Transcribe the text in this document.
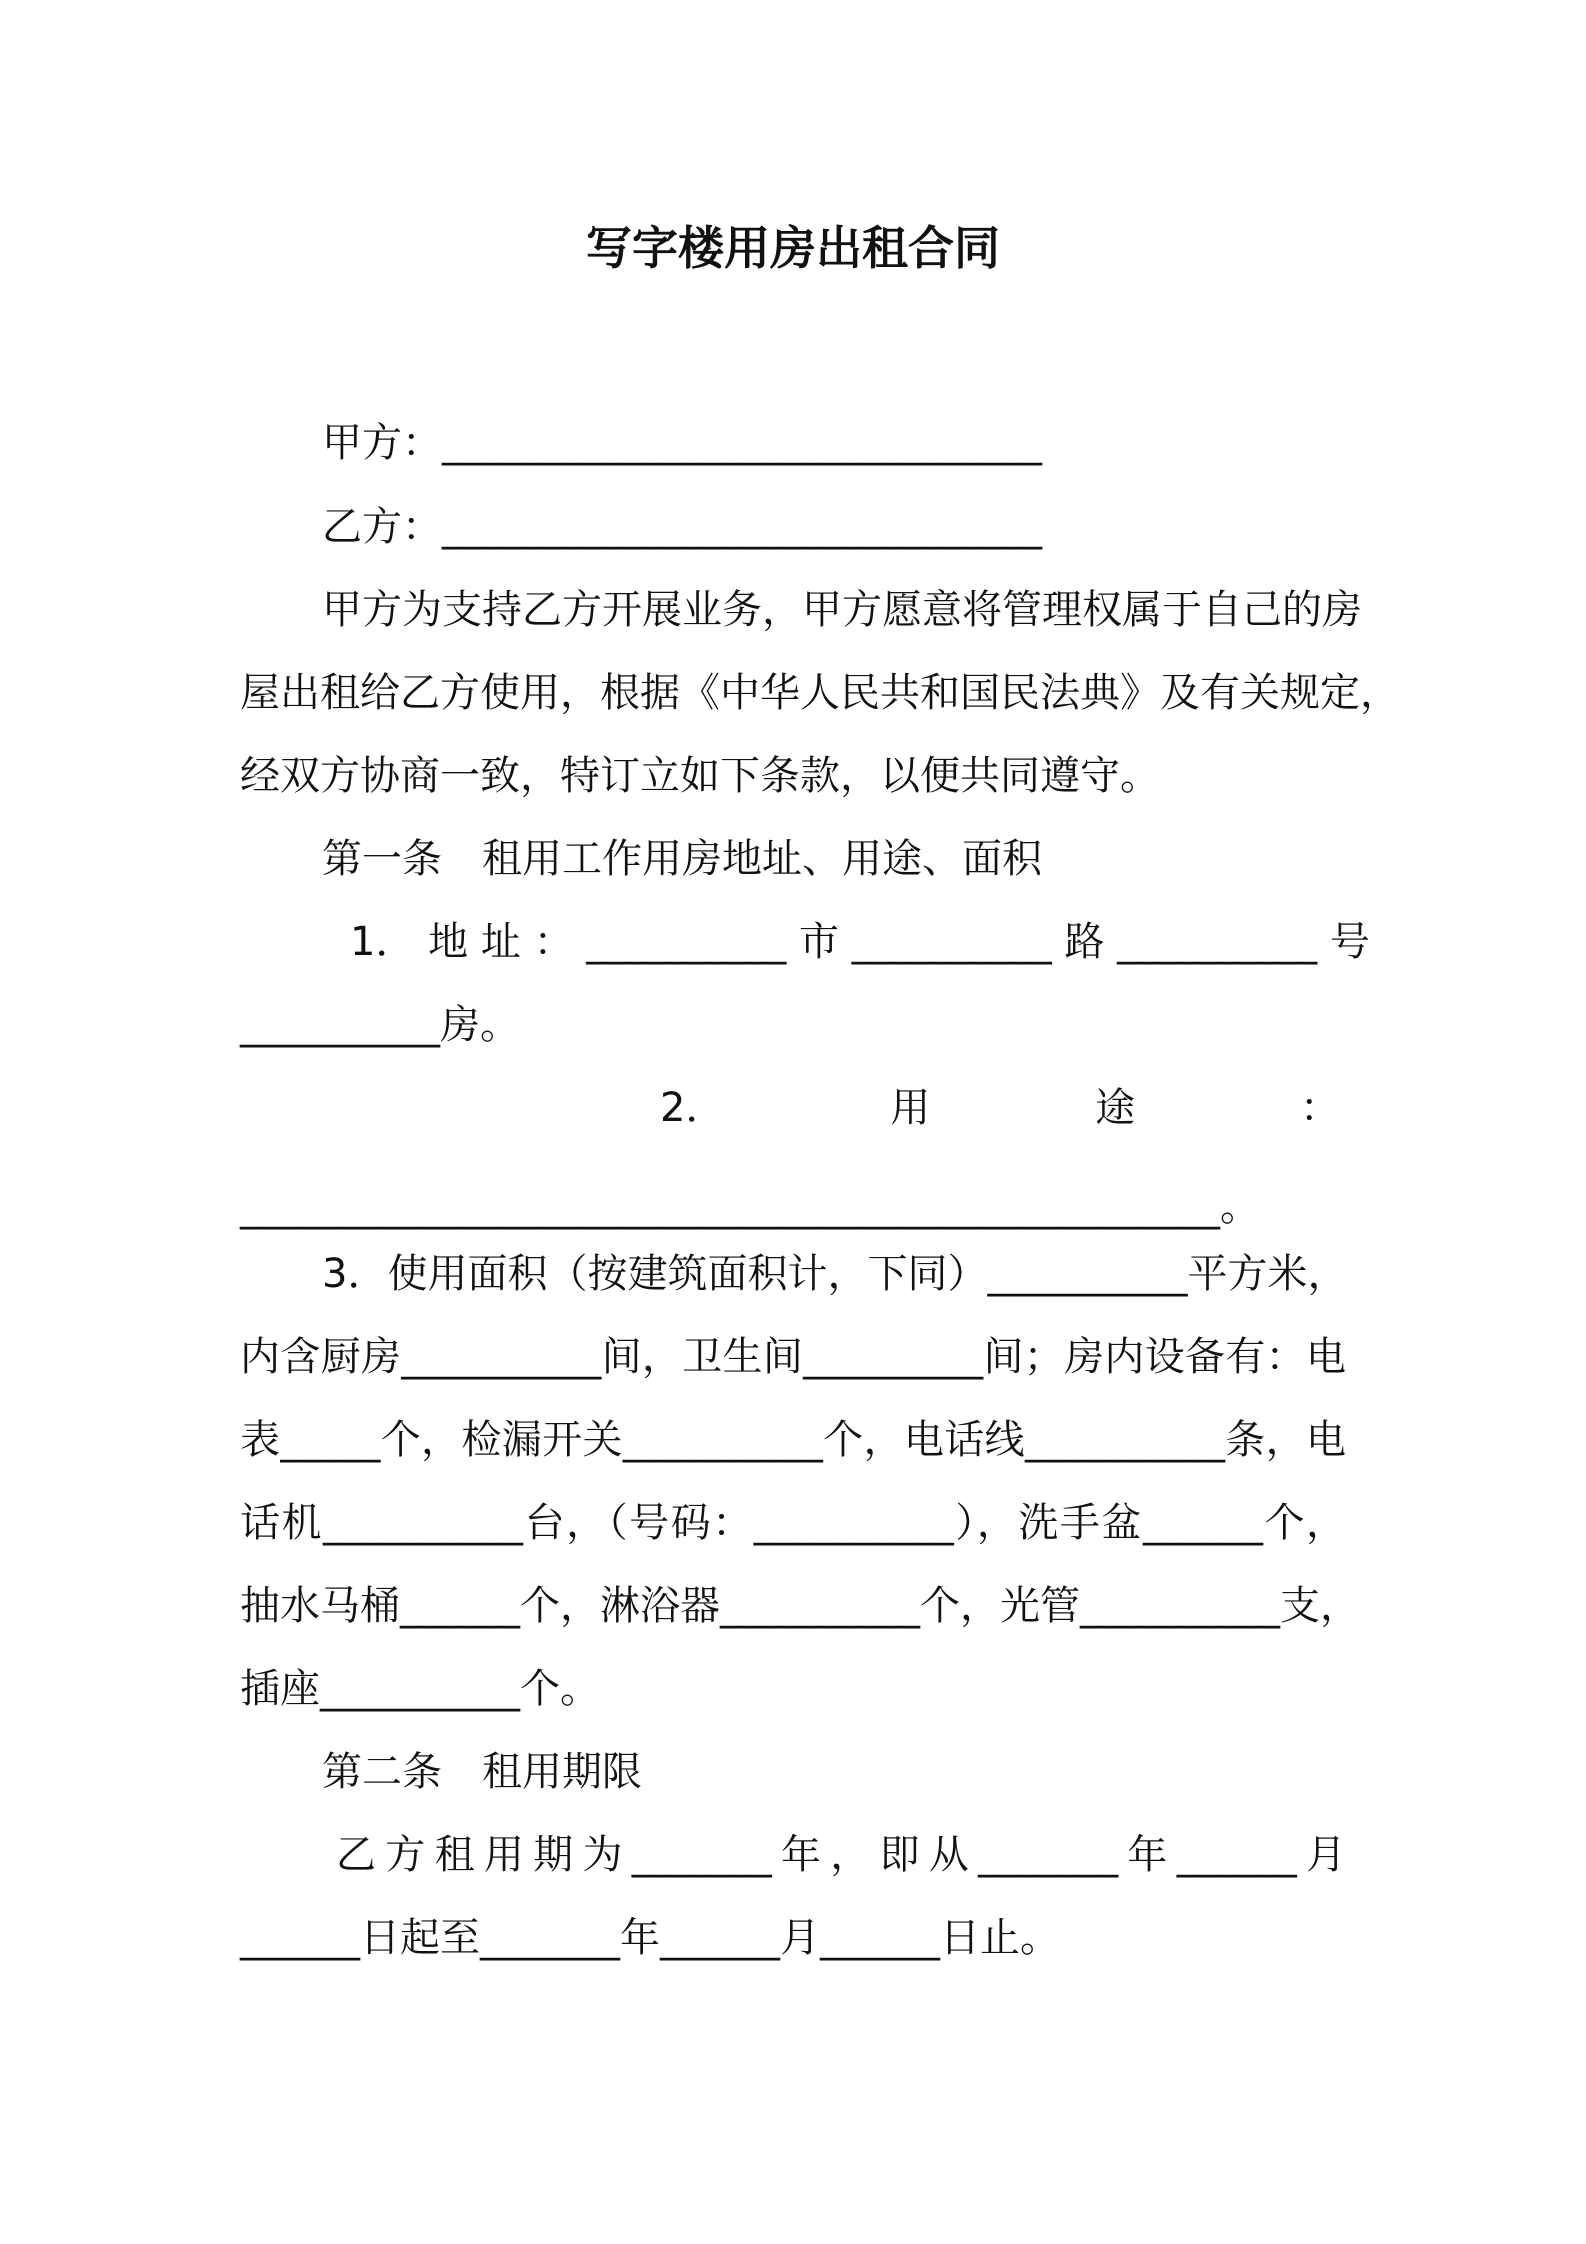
写字楼用房出租合同
甲方：______________________________
乙方：______________________________
甲方为支持乙方开展业务，甲方愿意将管理权属于自己的房
屋出租给乙方使用，根据《中华人民共和国民法典》及有关规定，
经双方协商一致，特订立如下条款，以便共同遵守。
第一条　租用工作用房地址、用途、面积
1． 地 址 ： __________ 市 __________ 路 __________ 号
__________房。
2．	用	途	：
_________________________________________________。
3．使用面积（按建筑面积计，下同）__________平方米，
内含厨房__________间，卫生间_________间；房内设备有：电
表_____个，检漏开关__________个，电话线__________条，电
话机__________台，（号码：__________），洗手盆______个，
抽水马桶______个，淋浴器__________个，光管__________支，
插座__________个。
第二条　租用期限
乙方租用期为_______年，即从_______年______月
______日起至_______年______月______日止。
